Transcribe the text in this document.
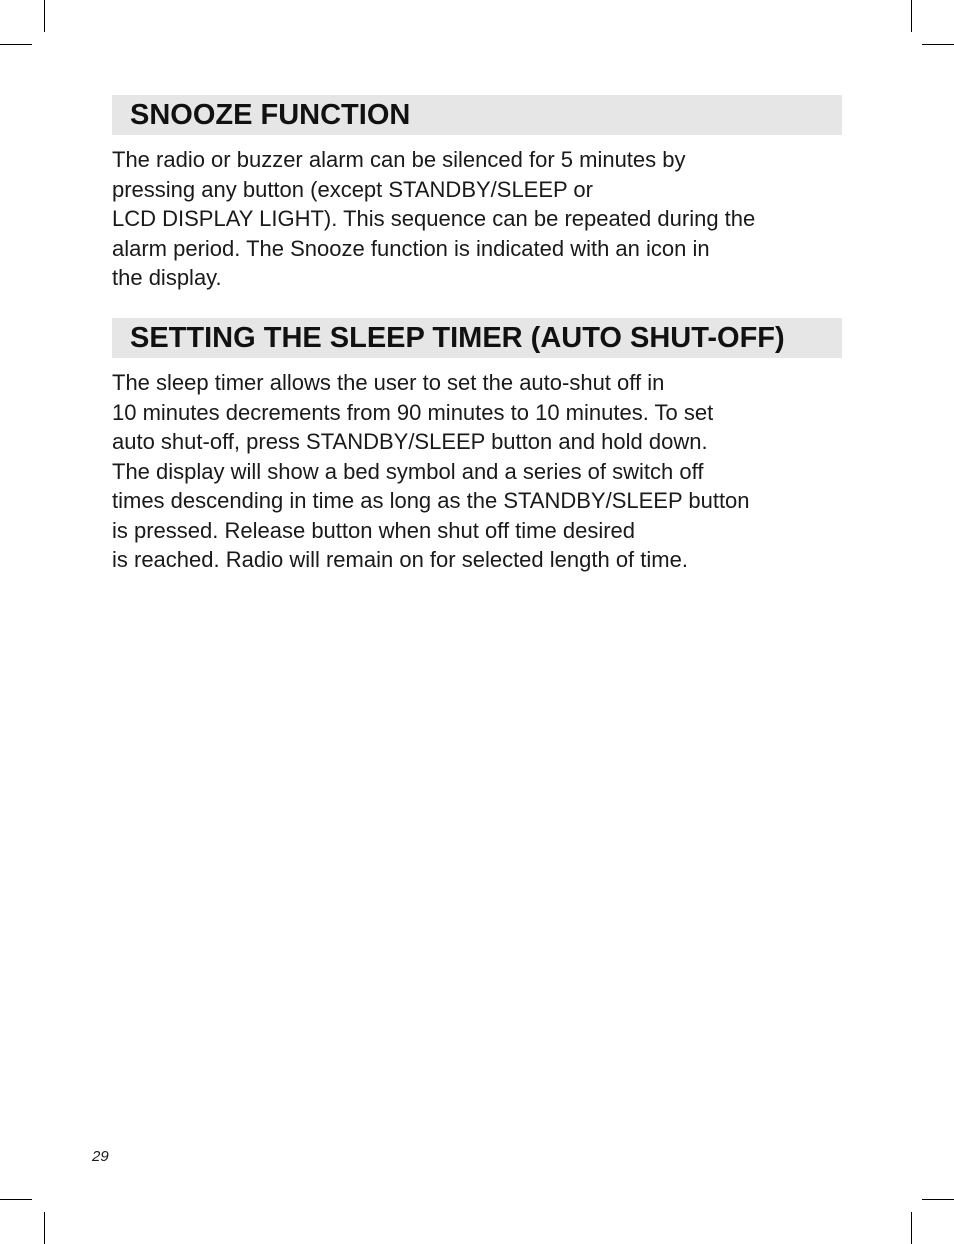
SNOOZE FUNCTION
The radio or buzzer alarm can be silenced for 5 minutes by
pressing any button (except STANDBY/SLEEP or
LCD DISPLAY LIGHT). This sequence can be repeated during the
alarm period. The Snooze function is indicated with an icon in
the display.
SETTING THE SLEEP TIMER (AUTO SHUT-OFF)
The sleep timer allows the user to set the auto-shut off in
10 minutes decrements from 90 minutes to 10 minutes. To set
auto shut-off, press STANDBY/SLEEP button and hold down.
The display will show a bed symbol and a series of switch off
times descending in time as long as the STANDBY/SLEEP button
is pressed. Release button when shut off time desired
is reached. Radio will remain on for selected length of time.
29
